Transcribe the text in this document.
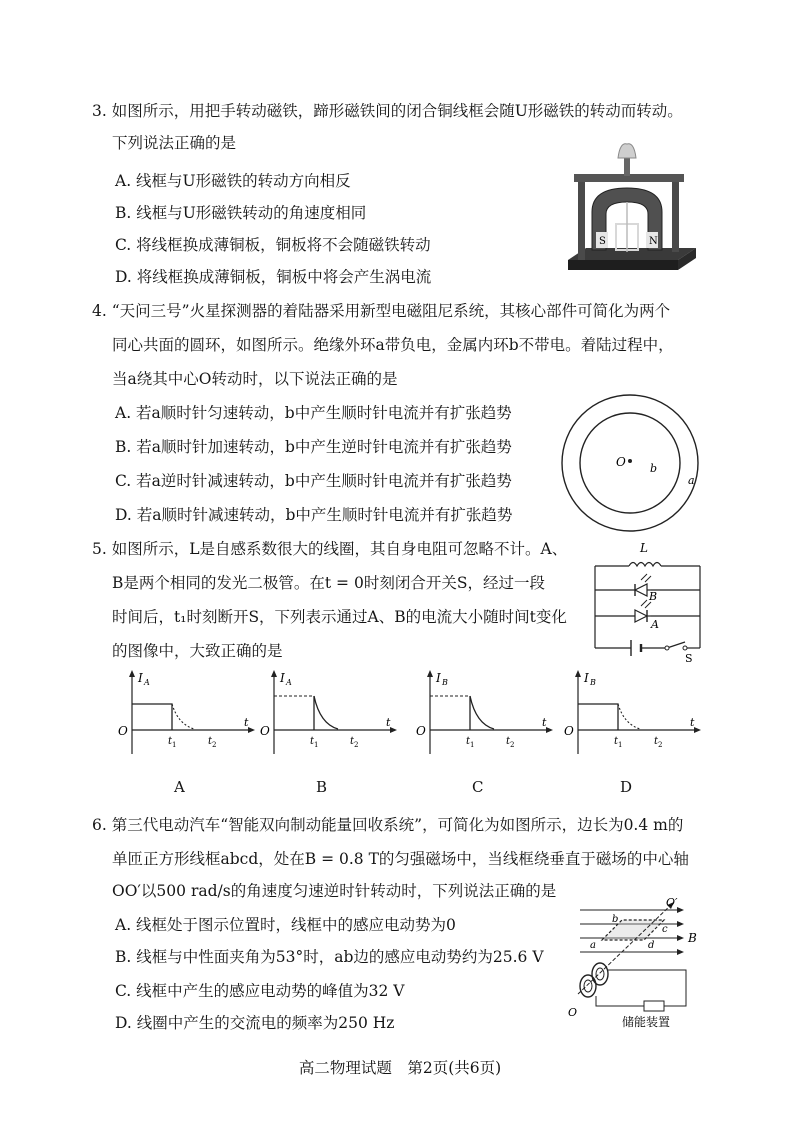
3. 如图所示，用把手转动磁铁，蹄形磁铁间的闭合铜线框会随U形磁铁的转动而转动。
下列说法正确的是
A. 线框与U形磁铁的转动方向相反
B. 线框与U形磁铁转动的角速度相同
C. 将线框换成薄铜板，铜板将不会随磁铁转动
D. 将线框换成薄铜板，铜板中将会产生涡电流
S	N
4. “天问三号”火星探测器的着陆器采用新型电磁阻尼系统，其核心部件可简化为两个
同心共面的圆环，如图所示。绝缘外环a带负电，金属内环b不带电。着陆过程中，
当a绕其中心O转动时，以下说法正确的是
A. 若a顺时针匀速转动，b中产生顺时针电流并有扩张趋势
B. 若a顺时针加速转动，b中产生逆时针电流并有扩张趋势
C. 若a逆时针减速转动，b中产生顺时针电流并有扩张趋势
D. 若a顺时针减速转动，b中产生顺时针电流并有扩张趋势
O b
a
5. 如图所示，L是自感系数很大的线圈，其自身电阻可忽略不计。A、
B是两个相同的发光二极管。在t = 0时刻闭合开关S，经过一段
时间后，t₁时刻断开S，下列表示通过A、B的电流大小随时间t变化
的图像中，大致正确的是
L
B
A
S
I A
O
t 1	t 2
t
A
I A
O
t 1	t 2
t
B
I B
O
t 1	t 2
t
C
I B
O
t 1	t 2
t
D
6. 第三代电动汽车“智能双向制动能量回收系统”，可简化为如图所示，边长为0.4 m的
单匝正方形线框abcd，处在B = 0.8 T的匀强磁场中，当线框绕垂直于磁场的中心轴
OO′以500 rad/s的角速度匀速逆时针转动时，下列说法正确的是
A. 线框处于图示位置时，线框中的感应电动势为0
B. 线框与中性面夹角为53°时，ab边的感应电动势约为25.6 V
C. 线框中产生的感应电动势的峰值为32 V
D. 线圈中产生的交流电的频率为250 Hz
O′
O
B
a
b
c
d
储能装置
高二物理试题　第2页(共6页)
